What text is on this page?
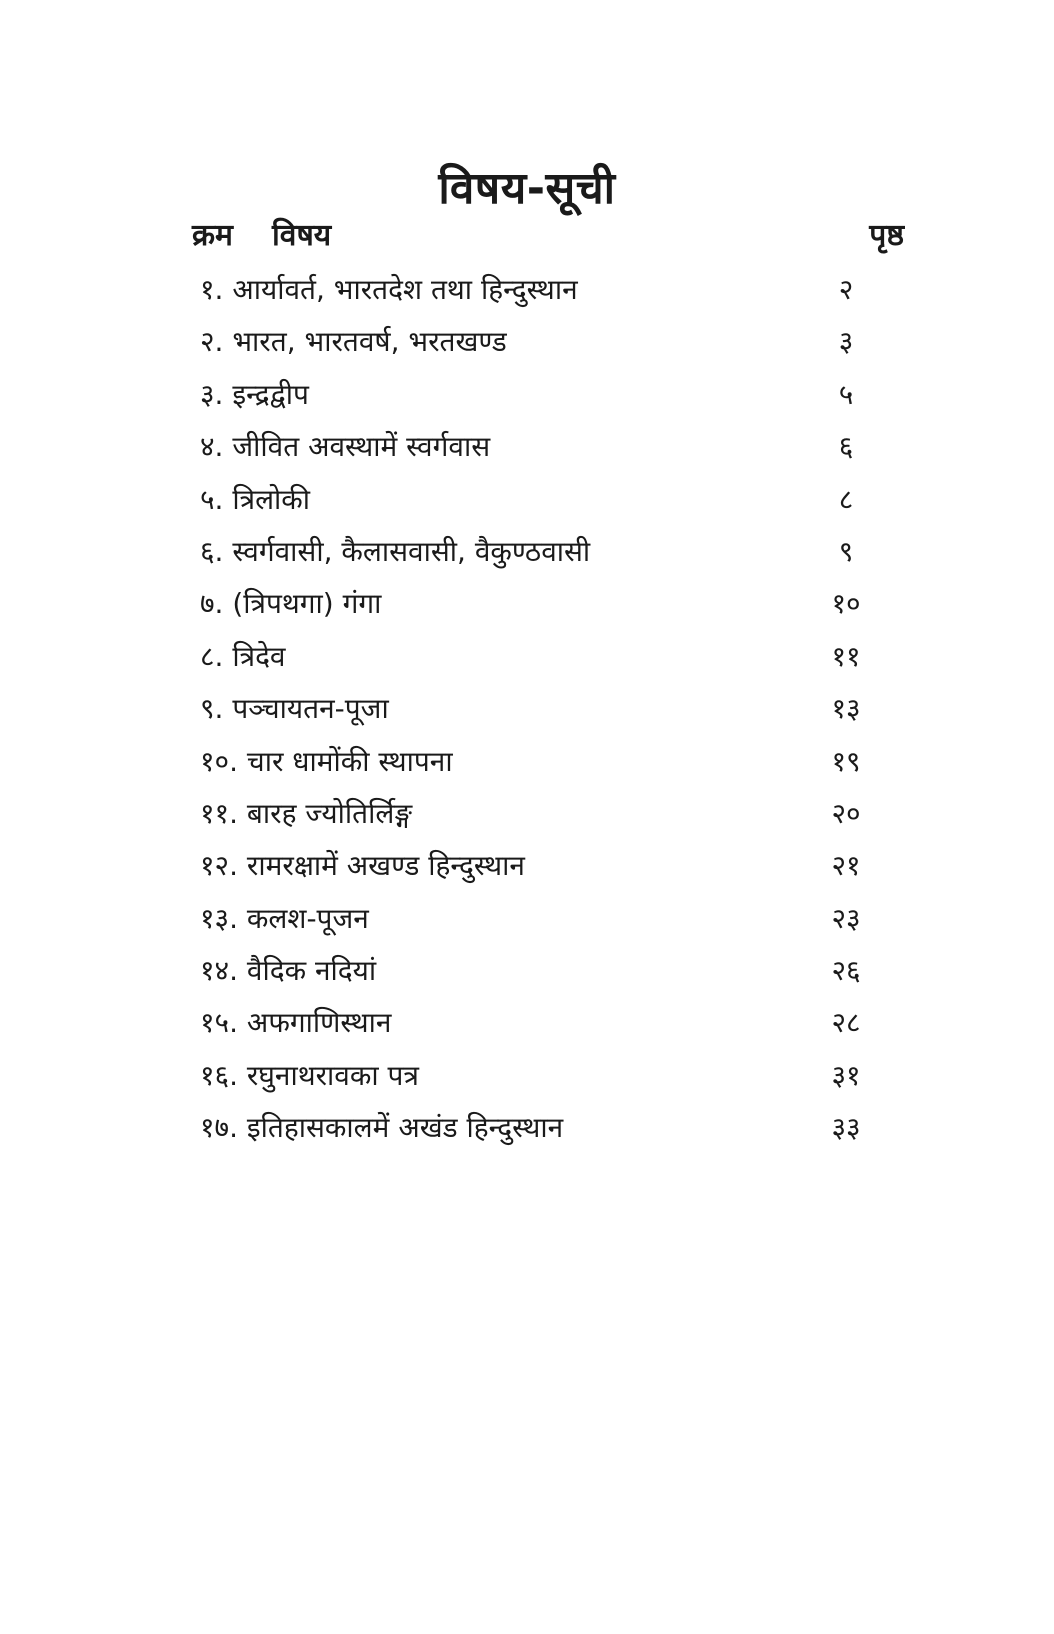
विषय-सूची
क्रम विषय	पृष्ठ
१. आर्यावर्त, भारतदेश तथा हिन्दुस्थान	२
२. भारत, भारतवर्ष, भरतखण्ड	३
३. इन्द्रद्वीप	५
४. जीवित अवस्थामें स्वर्गवास	६
५. त्रिलोकी	८
६. स्वर्गवासी, कैलासवासी, वैकुण्ठवासी	९
७. (त्रिपथगा) गंगा	१०
८. त्रिदेव	११
९. पञ्चायतन-पूजा	१३
१०. चार धामोंकी स्थापना	१९
११. बारह ज्योतिर्लिङ्ग	२०
१२. रामरक्षामें अखण्ड हिन्दुस्थान	२१
१३. कलश-पूजन	२३
१४. वैदिक नदियां	२६
१५. अफगाणिस्थान	२८
१६. रघुनाथरावका पत्र	३१
१७. इतिहासकालमें अखंड हिन्दुस्थान	३३
